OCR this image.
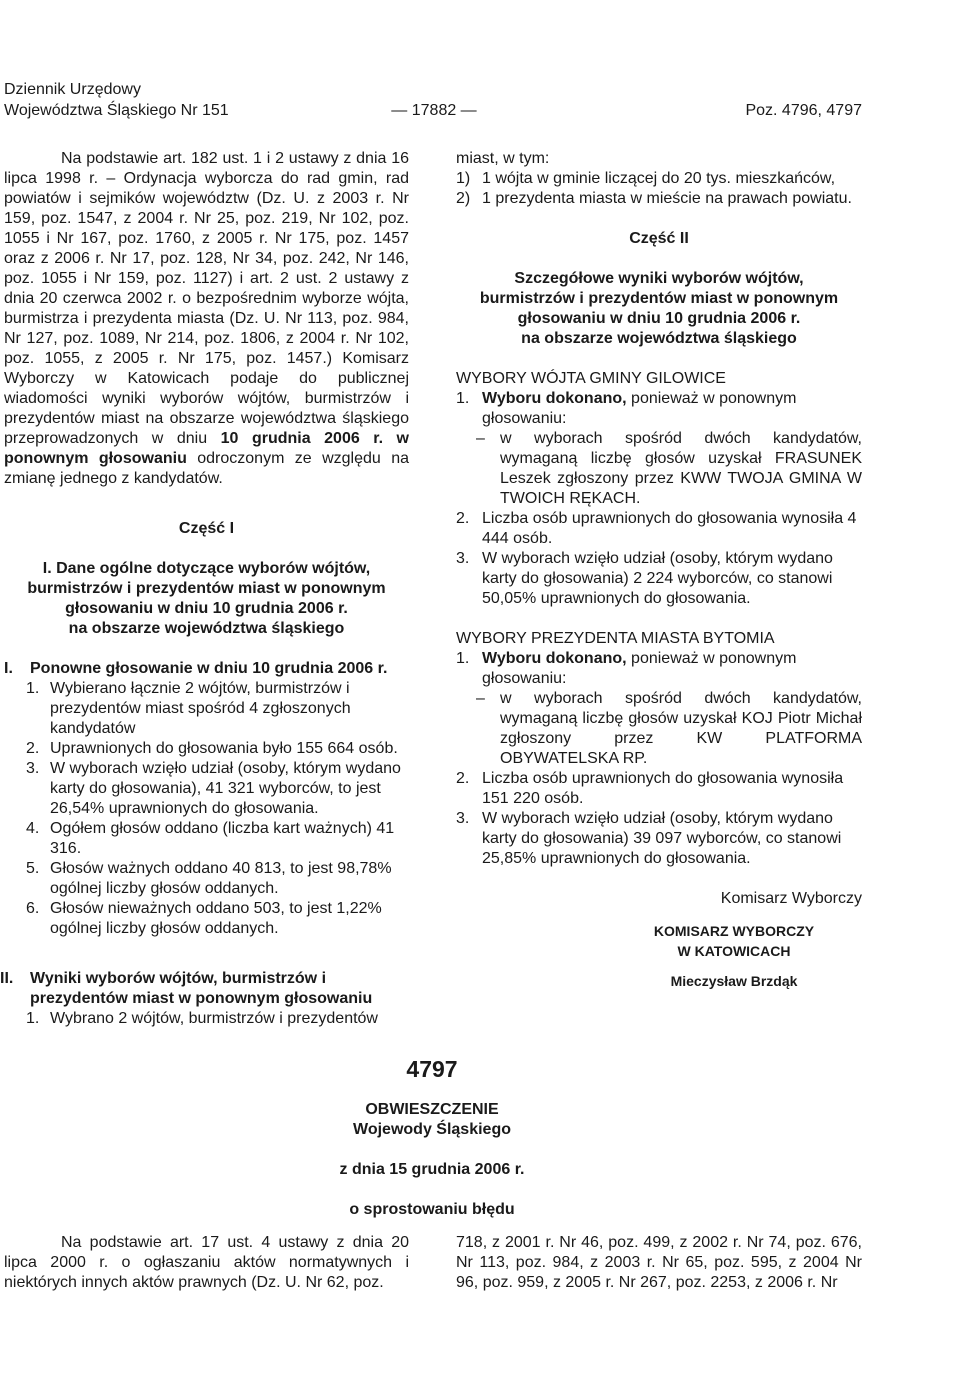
Dziennik Urzędowy
Województwa Śląskiego Nr 151	— 17882 —	Poz. 4796, 4797

Na podstawie art. 182 ust. 1 i 2 ustawy z dnia 16 lipca 1998 r. – Ordynacja wyborcza do rad gmin, rad powiatów i sejmików województw (Dz. U. z 2003 r. Nr 159, poz. 1547, z 2004 r. Nr 25, poz. 219, Nr 102, poz. 1055 i Nr 167, poz. 1760, z 2005 r. Nr 175, poz. 1457 oraz z 2006 r. Nr 17, poz. 128, Nr 34, poz. 242, Nr 146, poz. 1055 i Nr 159, poz. 1127) i art. 2 ust. 2 ustawy z dnia 20 czerwca 2002 r. o bezpośrednim wyborze wójta, burmistrza i prezydenta miasta (Dz. U. Nr 113, poz. 984, Nr 127, poz. 1089, Nr 214, poz. 1806, z 2004 r. Nr 102, poz. 1055, z 2005 r. Nr 175, poz. 1457.) Komisarz Wyborczy w Katowicach podaje do publicznej wiadomości wyniki wyborów wójtów, burmistrzów i prezydentów miast na obszarze województwa śląskiego przeprowadzonych w dniu 10 grudnia 2006 r. w ponownym głosowaniu odroczonym ze względu na zmianę jednego z kandydatów.

Część I

I. Dane ogólne dotyczące wyborów wójtów,

burmistrzów i prezydentów miast w ponownym

głosowaniu w dniu 10 grudnia 2006 r.

na obszarze województwa śląskiego

I.	Ponowne głosowanie w dniu 10 grudnia 2006 r.
1. Wybierano łącznie 2 wójtów, burmistrzów i prezydentów miast spośród 4 zgłoszonych kandydatów
2. Uprawnionych do głosowania było 155 664 osób.
3. W wyborach wzięło udział (osoby, którym wydano karty do głosowania), 41 321 wyborców, to jest 26,54% uprawnionych do głosowania.
4. Ogółem głosów oddano (liczba kart ważnych) 41 316.
5. Głosów ważnych oddano 40 813, to jest 98,78% ogólnej liczby głosów oddanych.
6. Głosów nieważnych oddano 503, to jest 1,22% ogólnej liczby głosów oddanych.
II.	Wyniki wyborów wójtów, burmistrzów i prezydentów miast w ponownym głosowaniu
1. Wybrano 2 wójtów, burmistrzów i prezydentów

miast, w tym:

1) 1 wójta w gminie liczącej do 20 tys. mieszkańców,
2) 1 prezydenta miasta w mieście na prawach powiatu.

Część II

Szczegółowe wyniki wyborów wójtów,

burmistrzów i prezydentów miast w ponownym

głosowaniu w dniu 10 grudnia 2006 r.

na obszarze województwa śląskiego

WYBORY WÓJTA GMINY GILOWICE

1. Wyboru dokonano, ponieważ w ponownym głosowaniu:
– w wyborach spośród dwóch kandydatów, wymaganą liczbę głosów uzyskał FRASUNEK Leszek zgłoszony przez KWW TWOJA GMINA W TWOICH RĘKACH.
2. Liczba osób uprawnionych do głosowania wynosiła 4 444 osób.
3. W wyborach wzięło udział (osoby, którym wydano karty do głosowania) 2 224 wyborców, co stanowi 50,05% uprawnionych do głosowania.

WYBORY PREZYDENTA MIASTA BYTOMIA

1. Wyboru dokonano, ponieważ w ponownym głosowaniu:
– w wyborach spośród dwóch kandydatów, wymaganą liczbę głosów uzyskał KOJ Piotr Michał zgłoszony przez KW PLATFORMA OBYWATELSKA RP.
2. Liczba osób uprawnionych do głosowania wynosiła 151 220 osób.
3. W wyborach wzięło udział (osoby, którym wydano karty do głosowania) 39 097 wyborców, co stanowi 25,85% uprawnionych do głosowania.

Komisarz Wyborczy

KOMISARZ WYBORCZY

W KATOWICACH

Mieczysław Brzdąk

4797

OBWIESZCZENIE

Wojewody Śląskiego

z dnia 15 grudnia 2006 r.
o sprostowaniu błędu
Na podstawie art. 17 ust. 4 ustawy z dnia 20 lipca 2000 r. o ogłaszaniu aktów normatywnych i niektórych innych aktów prawnych (Dz. U. Nr 62, poz.
718, z 2001 r. Nr 46, poz. 499, z 2002 r. Nr 74, poz. 676, Nr 113, poz. 984, z 2003 r. Nr 65, poz. 595, z 2004 Nr 96, poz. 959, z 2005 r. Nr 267, poz. 2253, z 2006 r. Nr
